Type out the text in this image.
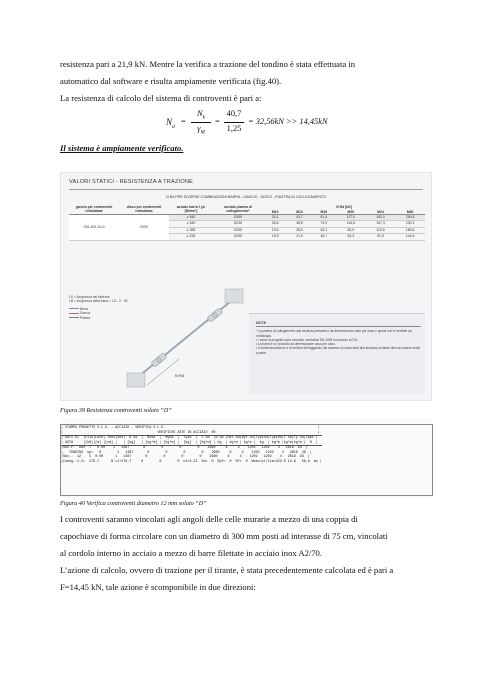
resistenza pari a 21,9 kN. Mentre la verifica a trazione del tondino è stata effettuata in

automatico dal software e risulta ampiamente verificata (fig.40).

La resistenza di calcolo del sistema di controventi è pari a:

$N_d$
=
$N_k$
$\gamma_M$
=
40,7
1,25
= 32,56kN >> 14,45kN
Il sistema è ampiamente verificato.
VALORI STATICI - RESISTENZA A TRAZIONE
N Rd PER DIVERSE COMBINAZIONI BARRA - GANCIO - DISCO - PIASTRA DI COLLEGAMENTO
gancio per controventi rothoblaas	disco per controventi rothoblaas	acciaio barra f y,k [N/mm²]	acciaio piastra di collegamento*	N Rd [kN]					
				M10	M12	M16	M20	M24	M30
GIS-400-10-D	DISS	≥ 640	S355	30,1	43,7	81,4	127,0	183,0	290,8
		≥ 540	S235	25,6	38,5	74,9	116,5	167,3	230,1
		≥ 355	S235	19,6	28,5	53,1	82,9	119,5	189,8
		≥ 235	S235	15,9	21,9	48,7	63,3	91,5	144,6
LS = lunghezza del sistema
LB = lunghezza della barra = LS - 2 · 28
Barra
Gancio
Piastra
N Rd
NOTE
* La piastra di collegamento alla struttura portante e da dimensionare caso per caso e quindi non è fornibile da rothoblaas.
• I valori di progetto sono secondo normativa EN 1993 in accordo a ETA.
• La barra è un prodotto da dimensionare caso per caso.
• Il dimensionamento e la verifica dell'aggancio del sistema di controventi alla struttura portante devono essere svolti a parte.
Figura 39 Resistenza controventi solaio “D”
| STAMPA PROGETTO S.L.U. - ACCIAIO - VERIFICA S.L.E.                                                                            |
|                                               VERIFICHE ASTE IN ACCIAIO  80                                                   |
| DATI DI  |Filo|Luce| Tens|Sez|  N Sd  |  NxSd  |  MySd  |  TySd  |  T Sd  |N Sd |Def.Sd|Nyf.Sd|TypiSd|TypiRd|T Sd|Ty Sd|Capt |
| ASTA     |[kN]|[m] |[cm] |   | [kg]   | [kg*m] | [kg*m] |  [kg]  | [kg*m] | kg  | kg*m | kg*m |  kg  | kg*m |kg*m|kg*m |  %  |
|Sez.P.  980  7   0.00    1   1487       0        0        0        0    2960     6     4    1202   1202    4   2619  93  |
|   TONDINO  sp=   0        1   1487       0        0        0        0    2960     6     4    1202   1202    4   2619  49  |
|Sez..  12    5  0.00      1   1487       0        0        0        0    2960     6     4    1202   1202    4   2619  93  |
|Coeeg.:1.2=  279.7      N'=1+279.7     0        0        0  n1=0.32  Im=  0  Rpf=  0  Rf=  0  Weau/pl/Iim=222.0 14.8   58.6  ms |
Figura 40 Verifica controventi diametro 12 mm solaio “D”

I controventi saranno vincolati agli angoli delle celle murarie a mezzo di una coppia di

capochiave di forma circolare con un diametro di 300 mm posti ad interasse di 75 cm, vincolati

al cordolo interno in acciaio a mezzo di barre filettate in acciaio inox A2/70.

L’azione di calcolo, ovvero di trazione per il tirante, è stata precedentemente calcolata ed è pari a

F=14,45 kN, tale azione è scomponibile in due direzioni:
